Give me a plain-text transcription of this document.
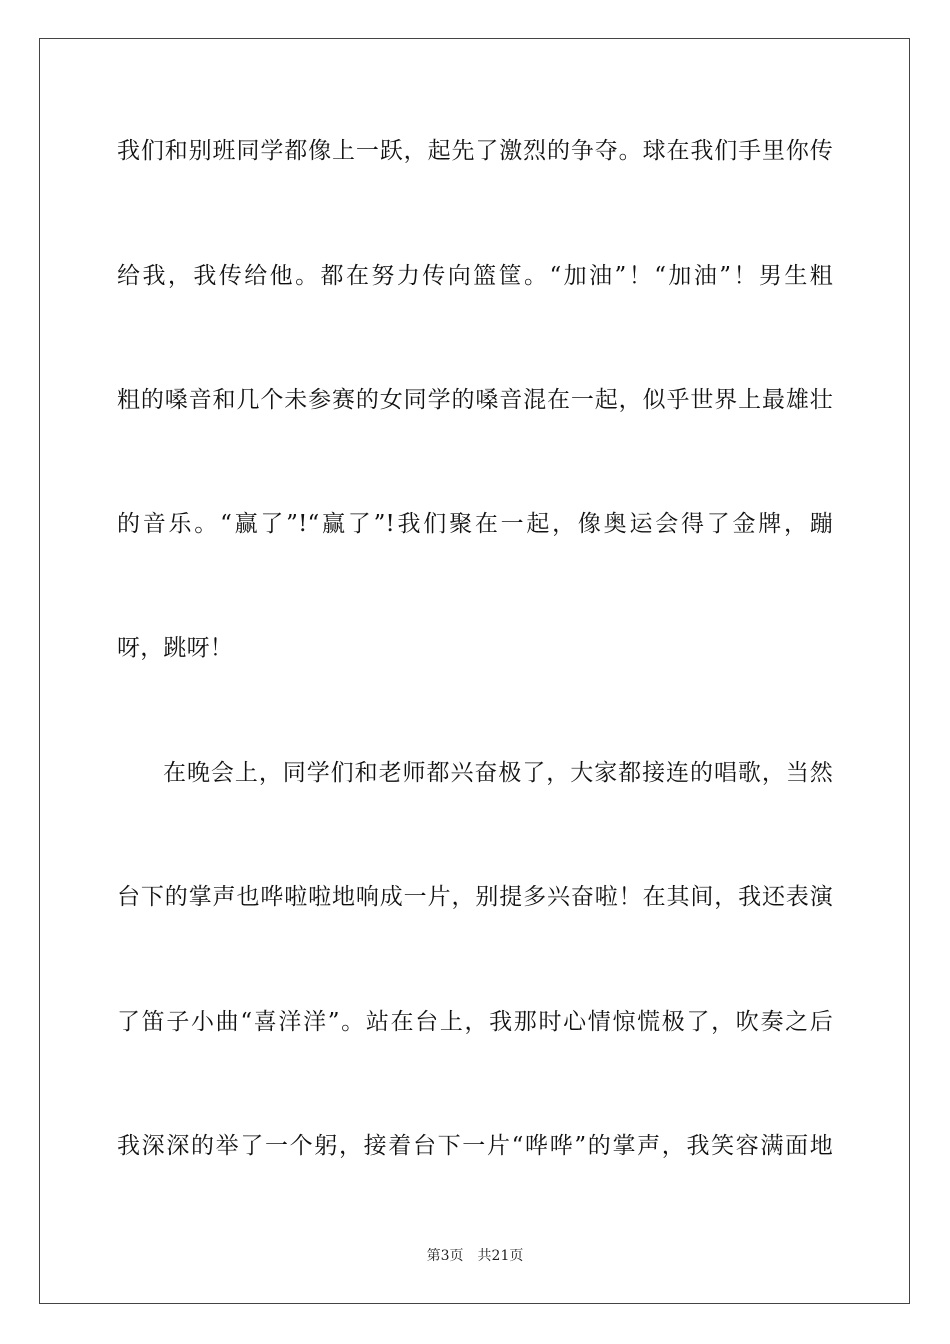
我们和别班同学都像上一跃，起先了激烈的争夺。球在我们手里你传
给我，我传给他。都在努力传向篮筐。“加油”！“加油”！男生粗
粗的嗓音和几个未参赛的女同学的嗓音混在一起，似乎世界上最雄壮
的音乐。“赢了”!“赢了”!我们聚在一起，像奥运会得了金牌，蹦
呀，跳呀！
在晚会上，同学们和老师都兴奋极了，大家都接连的唱歌，当然
台下的掌声也哗啦啦地响成一片，别提多兴奋啦！在其间，我还表演
了笛子小曲“喜洋洋”。站在台上，我那时心情惊慌极了，吹奏之后
我深深的举了一个躬，接着台下一片“哗哗”的掌声，我笑容满面地
第3页 共21页
